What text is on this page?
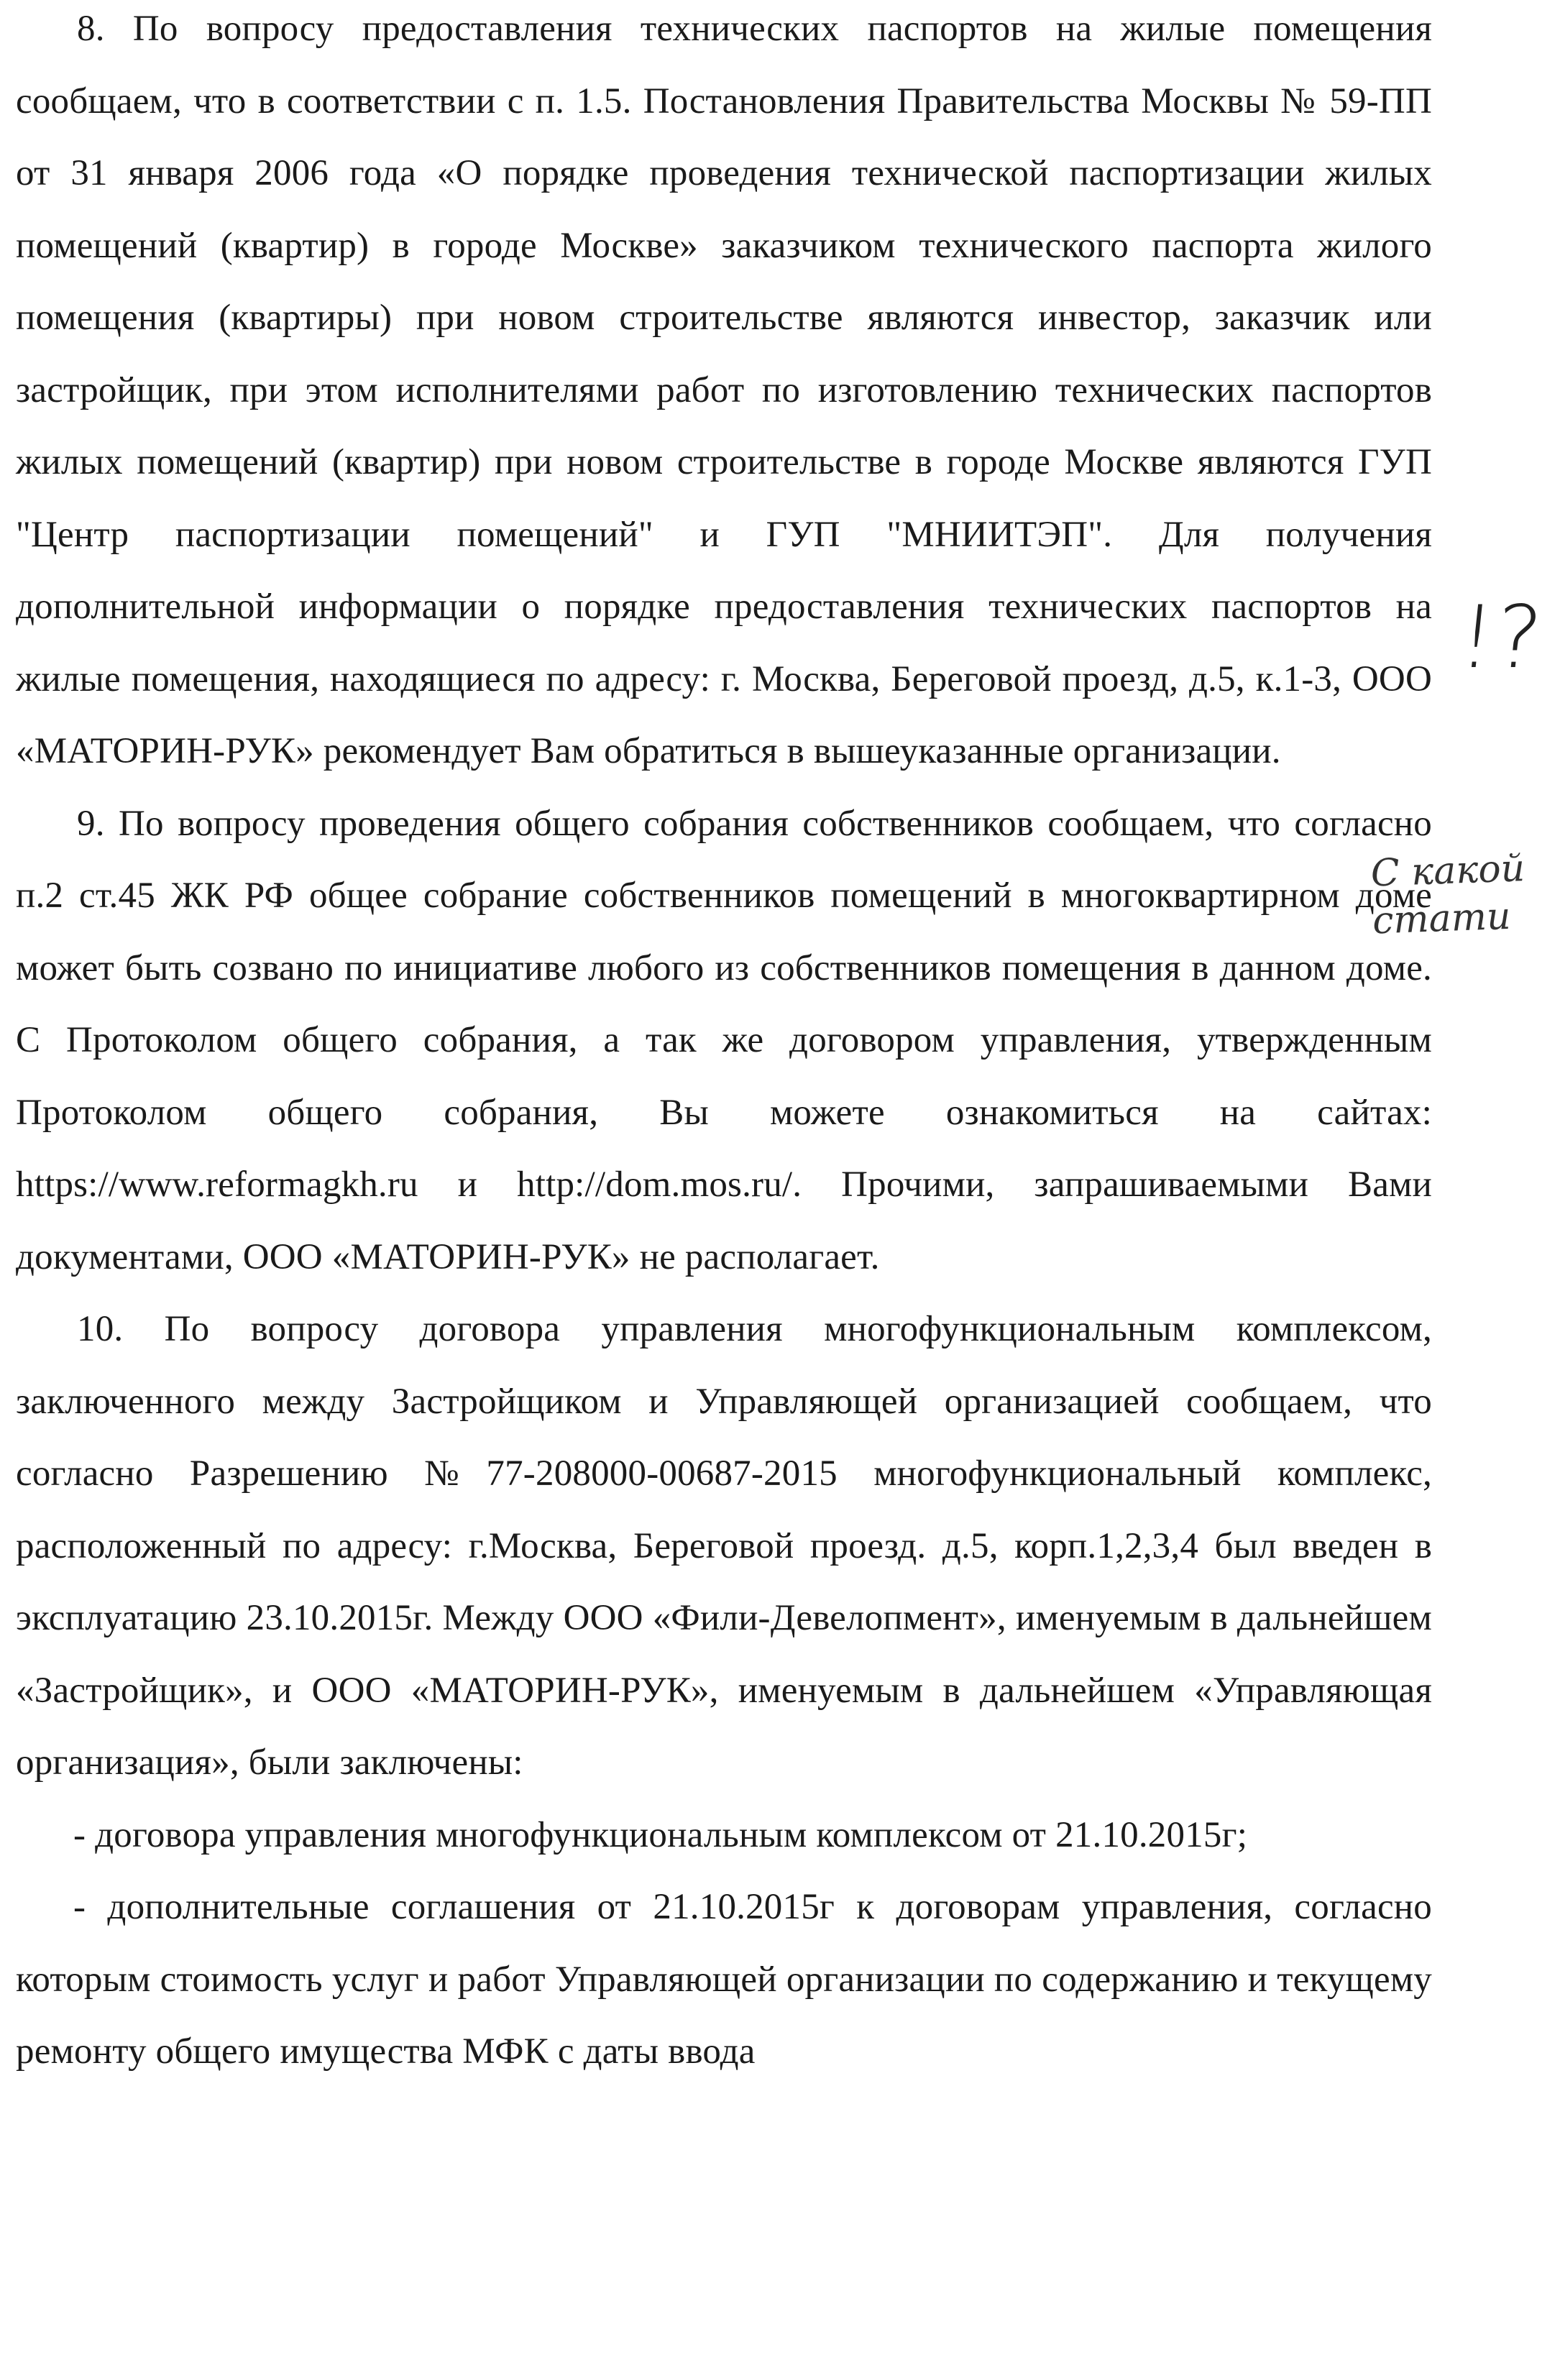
8. По вопросу предоставления технических паспортов на жилые помещения сообщаем, что в соответствии с п. 1.5. Постановления Правительства Москвы № 59-ПП от 31 января 2006 года «О порядке проведения технической паспортизации жилых помещений (квартир) в городе Москве» заказчиком технического паспорта жилого помещения (квартиры) при новом строительстве являются инвестор, заказчик или застройщик, при этом исполнителями работ по изготовлению технических паспортов жилых помещений (квартир) при новом строительстве в городе Москве являются ГУП "Центр паспортизации помещений" и ГУП "МНИИТЭП". Для получения дополнительной информации о порядке предоставления технических паспортов на жилые помещения, находящиеся по адресу: г. Москва, Береговой проезд, д.5, к.1-3, ООО «МАТОРИН-РУК» рекомендует Вам обратиться в вышеуказанные организации.

9. По вопросу проведения общего собрания собственников сообщаем, что согласно п.2 ст.45 ЖК РФ общее собрание собственников помещений в многоквартирном доме может быть созвано по инициативе любого из собственников помещения в данном доме. С Протоколом общего собрания, а так же договором управления, утвержденным Протоколом общего собрания, Вы можете ознакомиться на сайтах: https://www.reformagkh.ru и http://dom.mos.ru/. Прочими, запрашиваемыми Вами документами, ООО «МАТОРИН-РУК» не располагает.

10. По вопросу договора управления многофункциональным комплексом, заключенного между Застройщиком и Управляющей организацией сообщаем, что согласно Разрешению №77-208000-00687-2015 многофункциональный комплекс, расположенный по адресу: г.Москва, Береговой проезд. д.5, корп.1,2,3,4 был введен в эксплуатацию 23.10.2015г. Между ООО «Фили-Девелопмент», именуемым в дальнейшем «Застройщик», и ООО «МАТОРИН-РУК», именуемым в дальнейшем «Управляющая организация», были заключены:

- договора управления многофункциональным комплексом от 21.10.2015г;

- дополнительные соглашения от 21.10.2015г к договорам управления, согласно которым стоимость услуг и работ Управляющей организации по содержанию и текущему ремонту общего имущества МФК с даты ввода

!?
С какой
стати
